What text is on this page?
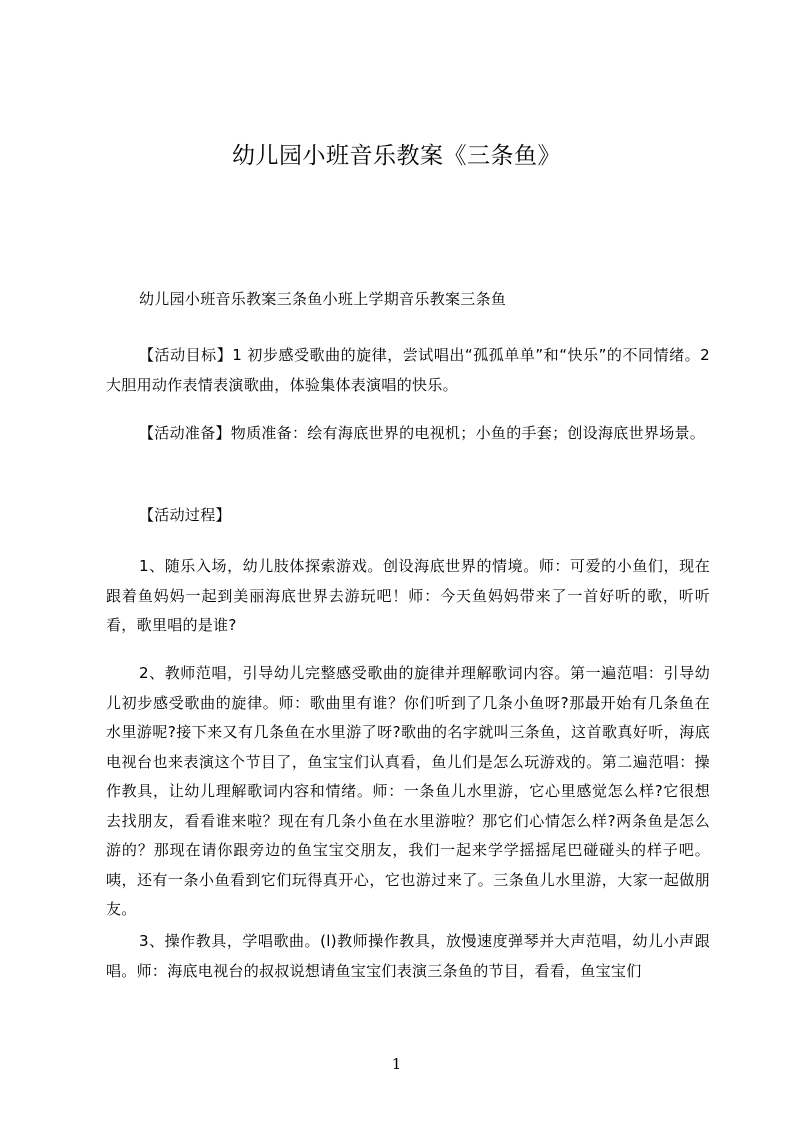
幼儿园小班音乐教案《三条鱼》

幼儿园小班音乐教案三条鱼小班上学期音乐教案三条鱼

【活动目标】1 初步感受歌曲的旋律，尝试唱出“孤孤单单”和“快乐”的不同情绪。2 大胆用动作表情表演歌曲，体验集体表演唱的快乐。

【活动准备】物质准备：绘有海底世界的电视机；小鱼的手套；创设海底世界场景。

【活动过程】

1、随乐入场，幼儿肢体探索游戏。创设海底世界的情境。师：可爱的小鱼们，现在跟着鱼妈妈一起到美丽海底世界去游玩吧！师：今天鱼妈妈带来了一首好听的歌，听听看，歌里唱的是谁?

2、教师范唱，引导幼儿完整感受歌曲的旋律并理解歌词内容。第一遍范唱：引导幼儿初步感受歌曲的旋律。师：歌曲里有谁？你们听到了几条小鱼呀?那最开始有几条鱼在水里游呢?接下来又有几条鱼在水里游了呀?歌曲的名字就叫三条鱼，这首歌真好听，海底电视台也来表演这个节目了，鱼宝宝们认真看，鱼儿们是怎么玩游戏的。第二遍范唱：操作教具，让幼儿理解歌词内容和情绪。师：一条鱼儿水里游，它心里感觉怎么样?它很想去找朋友，看看谁来啦？现在有几条小鱼在水里游啦？那它们心情怎么样?两条鱼是怎么游的？那现在请你跟旁边的鱼宝宝交朋友，我们一起来学学摇摇尾巴碰碰头的样子吧。咦，还有一条小鱼看到它们玩得真开心，它也游过来了。三条鱼儿水里游，大家一起做朋友。

3、操作教具，学唱歌曲。(l)教师操作教具，放慢速度弹琴并大声范唱，幼儿小声跟唱。师：海底电视台的叔叔说想请鱼宝宝们表演三条鱼的节目，看看，鱼宝宝们

1
